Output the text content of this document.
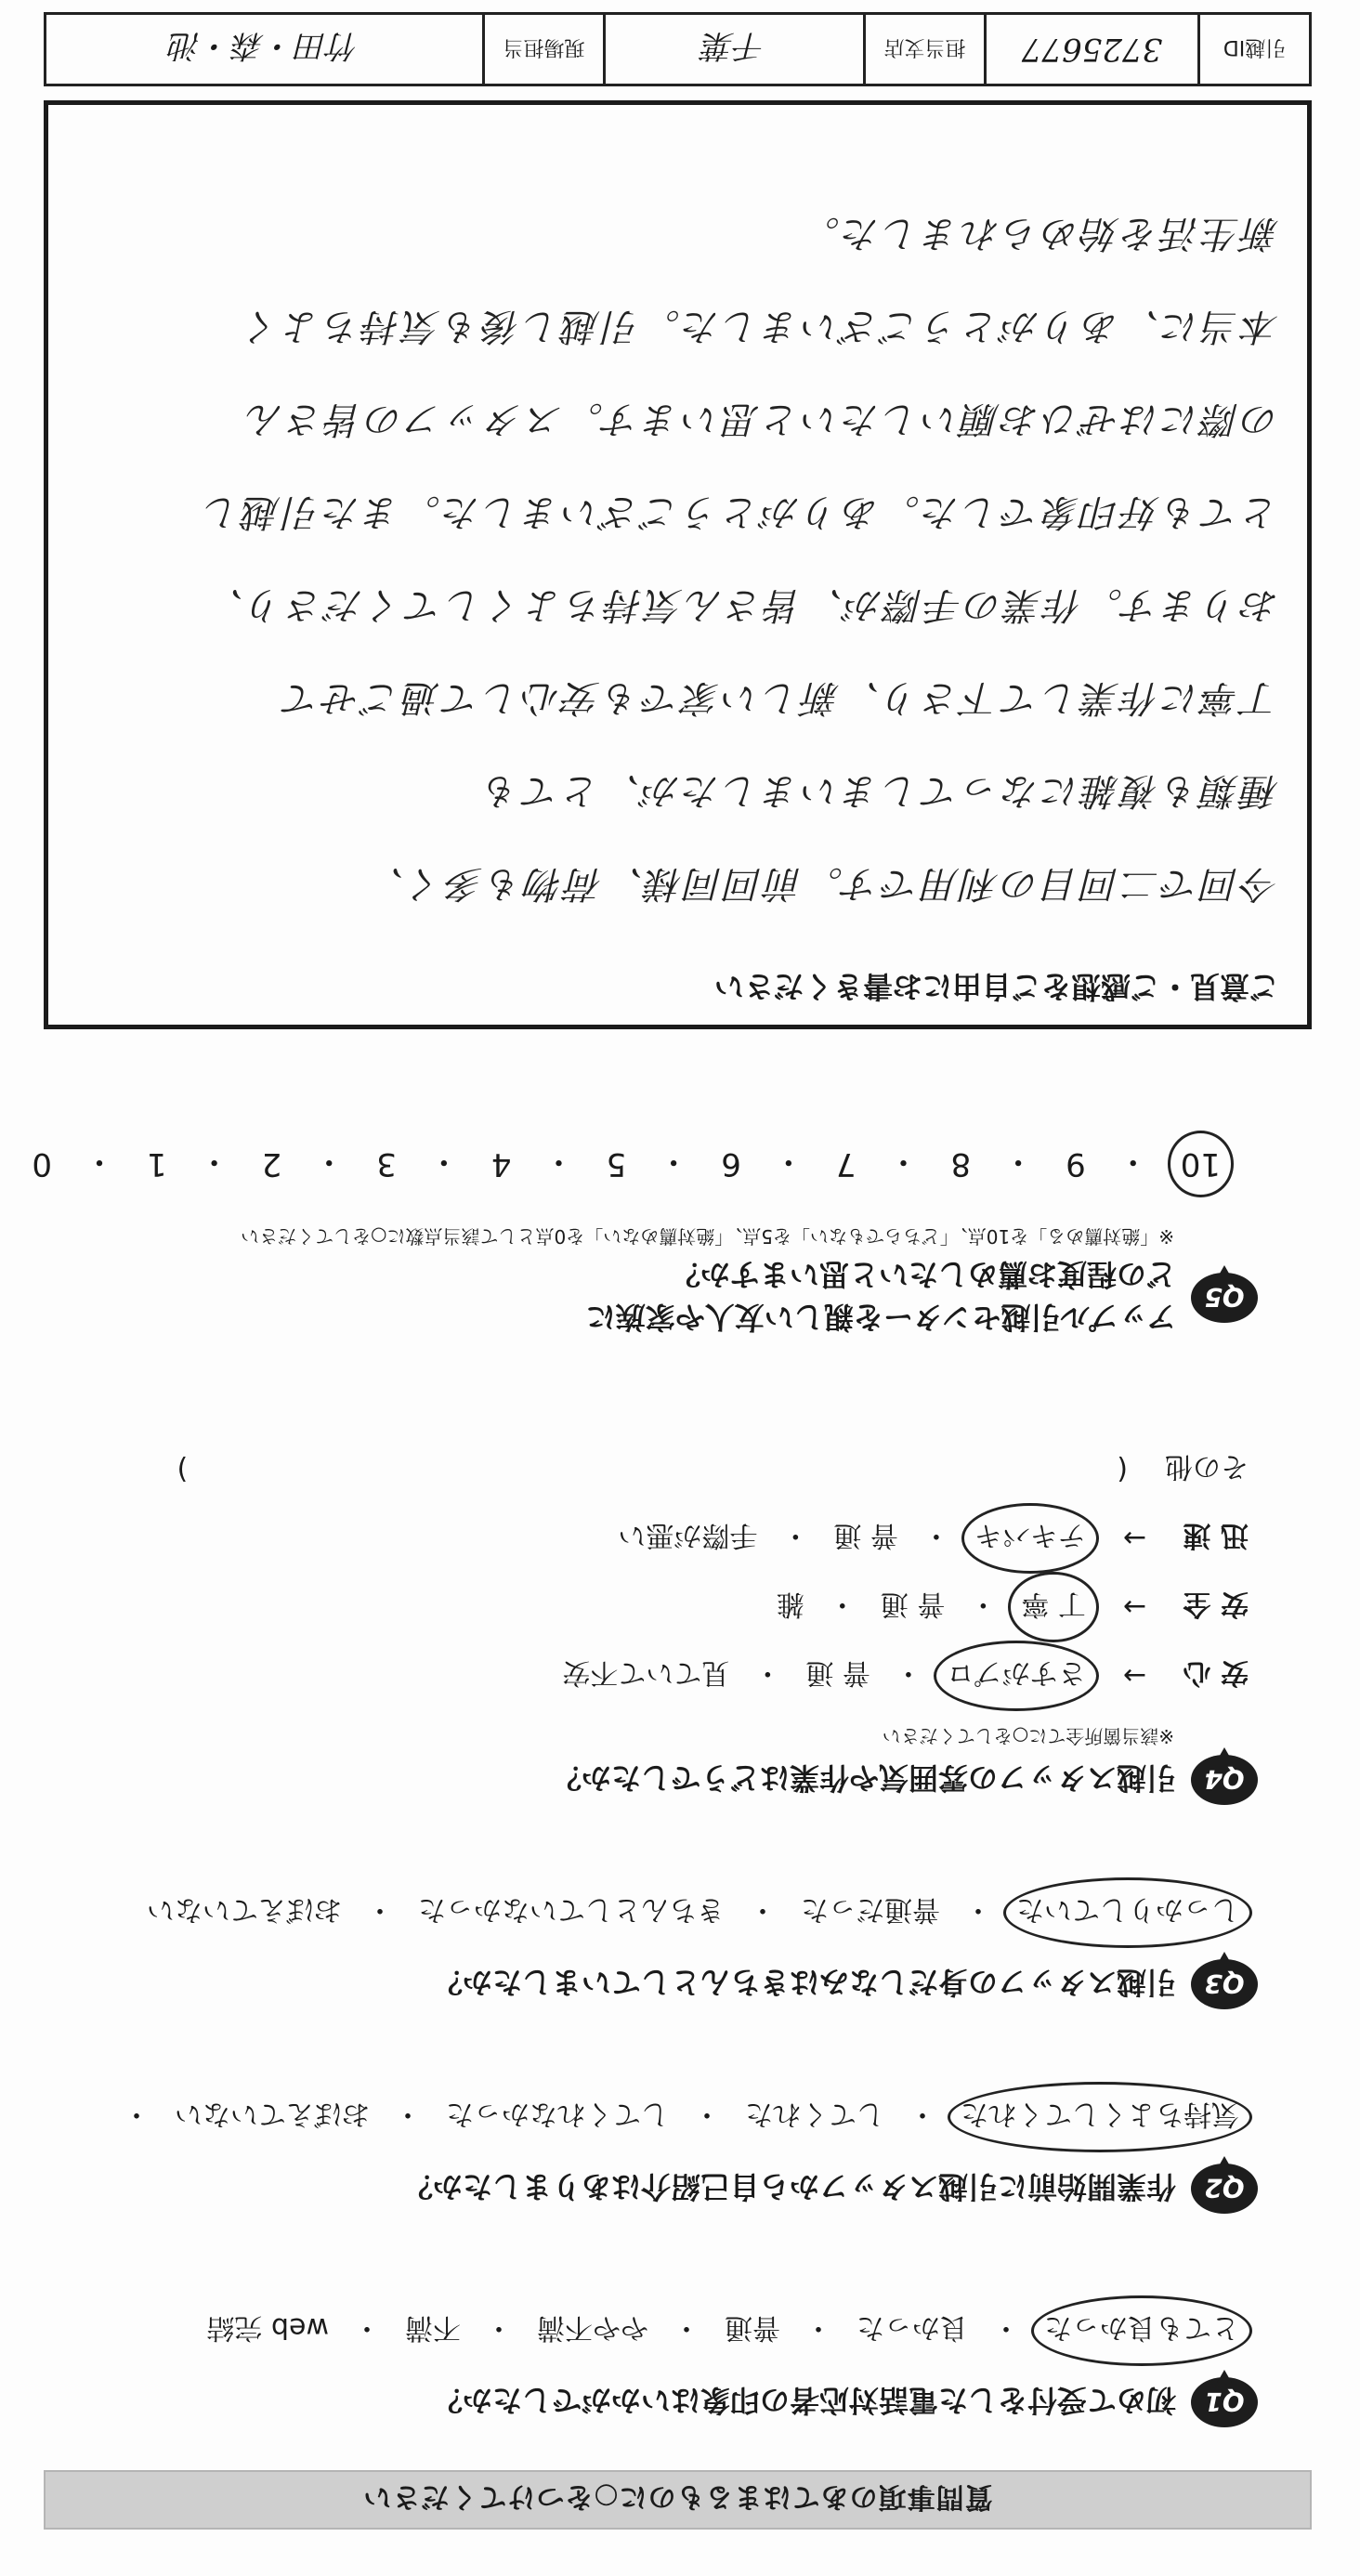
質問事項のあてはまるものに○をつけてください
Q1
初めて受付をした電話対応者の印象はいかがでしたか？
とても良かった
・
良かった
・
普通
・
やや不満
・
不満
・
web 完結
Q2
作業開始前に引越スタッフから自己紹介はありましたか？
気持ちよくしてくれた
・
してくれた
・
してくれなかった
・
おぼえていない
・
Q3
引越スタッフの身だしなみはきちんとしていましたか？
しっかりしていた
・
普通だった
・
きちんとしていなかった
・
おぼえていない
Q4
引越スタッフの雰囲気や作業はどうでしたか？
※該当箇所全てに○をしてください
安 心
→
さすがプロ
・
普 通
・
見ていて不安
安 全
→
丁 寧
・
普 通
・
雑
迅 速
→
テキパキ
・
普 通
・
手際が悪い
その他
(
)
Q5
アップル引越センターを親しい友人や家族に
どの程度お薦めしたいと思いますか？
※「絶対薦める」を10点、「どちらでもない」を5点、「絶対薦めない」を0点として該当点数に○をしてください
10
・
9
・
8
・
7
・
6
・
5
・
4
・
3
・
2
・
1
・
0
ご意見・ご感想をご自由にお書きください
今回で二回目の利用です。前回同様、荷物も多く、
種類も複雑になってしまいましたが、とても
丁寧に作業して下さり、新しい家でも安心して過ごせて
おります。作業の手際が、皆さん気持ちよくしてくださり、
とても好印象でした。ありがとうございました。また引越し
の際にはぜひお願いしたいと思います。スタッフの皆さん
本当に、ありがとうございました。引越し後も気持ちよく
新生活を始められました。
引越ID
3725677
担当支店
千葉
現場担当
竹田・森・池
